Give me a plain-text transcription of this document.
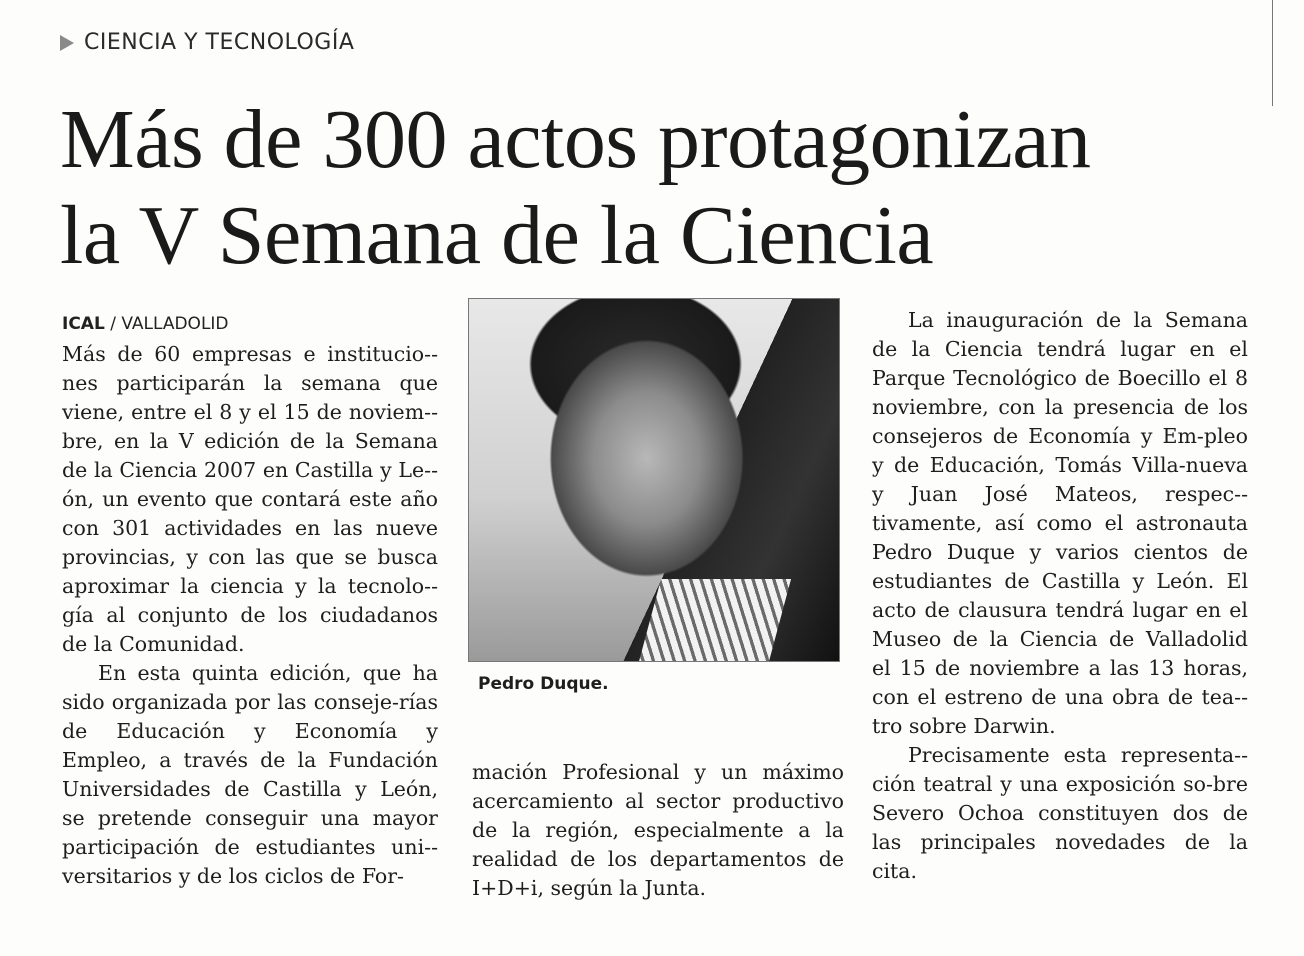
CIENCIA Y TECNOLOGÍA
Más de 300 actos protagonizan
la V Semana de la Ciencia
ICAL / VALLADOLID

Más de 60 empresas e institucio-nes participarán la semana que viene, entre el 8 y el 15 de noviem-bre, en la V edición de la Semana de la Ciencia 2007 en Castilla y Le-ón, un evento que contará este año con 301 actividades en las nueve provincias, y con las que se busca aproximar la ciencia y la tecnolo-gía al conjunto de los ciudadanos de la Comunidad.

En esta quinta edición, que ha sido organizada por las conseje-rías de Educación y Economía y Empleo, a través de la Fundación Universidades de Castilla y León, se pretende conseguir una mayor participación de estudiantes uni-versitarios y de los ciclos de For-

Pedro Duque.

mación Profesional y un máximo acercamiento al sector productivo de la región, especialmente a la realidad de los departamentos de I+D+i, según la Junta.

La inauguración de la Semana de la Ciencia tendrá lugar en el Parque Tecnológico de Boecillo el 8 noviembre, con la presencia de los consejeros de Economía y Em-pleo y de Educación, Tomás Villa-nueva y Juan José Mateos, respec-tivamente, así como el astronauta Pedro Duque y varios cientos de estudiantes de Castilla y León. El acto de clausura tendrá lugar en el Museo de la Ciencia de Valladolid el 15 de noviembre a las 13 horas, con el estreno de una obra de tea-tro sobre Darwin.

Precisamente esta representa-ción teatral y una exposición so-bre Severo Ochoa constituyen dos de las principales novedades de la cita.
